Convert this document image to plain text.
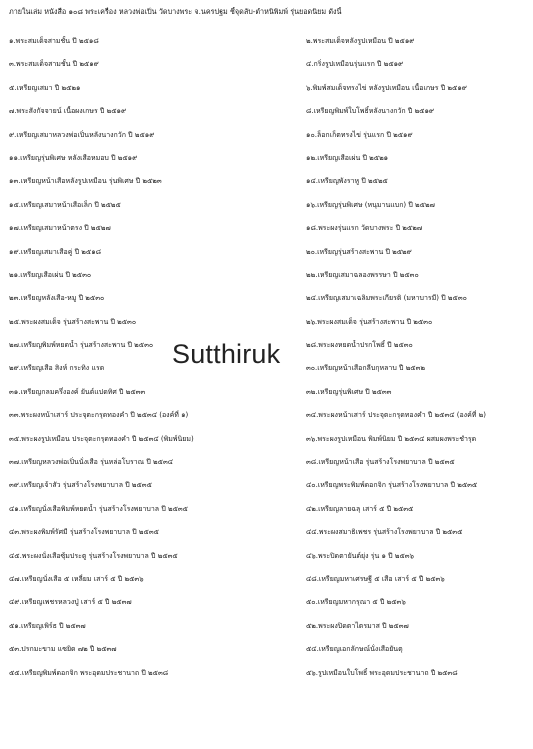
ภายในเล่ม หนังสือ ๑๐๘ พระเครื่อง หลวงพ่อเปิ่น วัดบางพระ จ.นครปฐม ชี้จุดลับ-ตำหนิพิมพ์ รุ่นยอดนิยม ดังนี้
๑.พระสมเด็จสามชั้น ปี ๒๕๑๘	๒.พระสมเด็จหลังรูปเหมือน ปี ๒๕๑๙
๓.พระสมเด็จสามชั้น ปี ๒๕๑๙	๔.กริ่งรูปเหมือนรุ่นแรก ปี ๒๕๑๙
๕.เหรียญเสมา ปี ๒๕๒๑	๖.พิมพ์สมเด็จทรงไข่ หลังรูปเหมือน เนื้อเกษร ปี ๒๕๑๙
๗.พระสังกัจจายน์ เนื้อผงเกษร ปี ๒๕๑๙	๘.เหรียญพิมพ์ใบโพธิ์หลังนางกวัก ปี ๒๕๑๙
๙.เหรียญเสมาหลวงพ่อเปิ่นหลังนางกวัก ปี ๒๕๑๙	๑๐.ล็อกเก็ตทรงไข่ รุ่นแรก ปี ๒๕๑๙
๑๑.เหรียญรุ่นพิเศษ หลังเสือหมอบ ปี ๒๕๑๙	๑๒.เหรียญเสือเผ่น ปี ๒๕๒๑
๑๓.เหรียญหน้าเสือหลังรูปเหมือน รุ่นพิเศษ ปี ๒๕๒๓	๑๔.เหรียญพังราหู ปี ๒๕๒๕
๑๕.เหรียญเสมาหน้าเสือเล็ก ปี ๒๕๒๕	๑๖.เหรียญรุ่นพิเศษ (หนุมานแบก) ปี ๒๕๒๗
๑๗.เหรียญเสมาหน้าตรง ปี ๒๕๒๗	๑๘.พระผงรุ่นแรก วัดบางพระ ปี ๒๕๒๗
๑๙.เหรียญเสมาเสือคู่ ปี ๒๕๑๘	๒๐.เหรียญรุ่นสร้างสะพาน ปี ๒๕๒๙
๒๑.เหรียญเสือเผ่น ปี ๒๕๓๐	๒๒.เหรียญเสมาฉลองพรรษา ปี ๒๕๓๐
๒๓.เหรียญหลังเสือ-หมู ปี ๒๕๓๐	๒๔.เหรียญเสมาเฉลิมพระเกียรติ (มหาบารมี) ปี ๒๕๓๐
๒๕.พระผงสมเด็จ รุ่นสร้างสะพาน ปี ๒๕๓๐	๒๖.พระผงสมเด็จ รุ่นสร้างสะพาน ปี ๒๕๓๐
๒๗.เหรียญพิมพ์หยดน้ำ รุ่นสร้างสะพาน ปี ๒๕๓๐	๒๘.พระผงหยดน้ำปรกโพธิ์ ปี ๒๕๓๐
๒๙.เหรียญเสือ สิงห์ กระทิง แรด	๓๐.เหรียญหน้าเสือกลีบกุหลาบ ปี ๒๕๓๒
๓๑.เหรียญกลมครึ่งองค์ ยันต์แปดทิศ ปี ๒๕๓๓	๓๒.เหรียญรุ่นพิเศษ ปี ๒๕๓๓
๓๓.พระผงหน้าเสาร์ ประจุตะกรุดทองคำ ปี ๒๕๓๔ (องค์ที่ ๑)	๓๔.พระผงหน้าเสาร์ ประจุตะกรุดทองคำ ปี ๒๕๓๔ (องค์ที่ ๒)
๓๕.พระผงรูปเหมือน ประจุตะกรุดทองคำ ปี ๒๕๓๔ (พิมพ์นิยม)	๓๖.พระผงรูปเหมือน พิมพ์นิยม ปี ๒๕๓๔ ผสมผงพระชำรุด
๓๗.เหรียญหลวงพ่อเปิ่นนั่งเสือ รุ่นหล่อโบราณ ปี ๒๕๓๔	๓๘.เหรียญหน้าเสือ รุ่นสร้างโรงพยาบาล ปี ๒๕๓๕
๓๙.เหรียญเจ้าสัว รุ่นสร้างโรงพยาบาล ปี ๒๕๓๕	๔๐.เหรียญพระพิมพ์ดอกจิก รุ่นสร้างโรงพยาบาล ปี ๒๕๓๕
๔๑.เหรียญนั่งเสือพิมพ์หยดน้ำ รุ่นสร้างโรงพยาบาล ปี ๒๕๓๕	๔๒.เหรียญลายฉลุ เสาร์ ๕ ปี ๒๕๓๕
๔๓.พระผงพิมพ์รัศมี รุ่นสร้างโรงพยาบาล ปี ๒๕๓๕	๔๔.พระผงสมาธิเพชร รุ่นสร้างโรงพยาบาล ปี ๒๕๓๕
๔๕.พระผงนั่งเสือซุ้มประตู รุ่นสร้างโรงพยาบาล ปี ๒๕๓๕	๔๖.พระปิดตายันต์ยุ่ง รุ่น ๑ ปี ๒๕๓๖
๔๗.เหรียญนั่งเสือ ๕ เหลี่ยม เสาร์ ๕ ปี ๒๕๓๖	๔๘.เหรียญมหาเศรษฐี ๕ เสือ เสาร์ ๕ ปี ๒๕๓๖
๔๙.เหรียญเพชรหลวงปู่ เสาร์ ๕ ปี ๒๕๓๗	๕๐.เหรียญมหากรุณา ๕ ปี ๒๕๓๖
๕๑.เหรียญเพิร์ธ ปี ๒๕๓๗	๕๒.พระผงปิดตาไตรมาส ปี ๒๕๓๗
๕๓.ปรกมะขาม แซยิด ๗๒ ปี ๒๕๓๗	๕๔.เหรียญเอกลักษณ์นั่งเสือยันตุ
๕๕.เหรียญพิมพ์ดอกจิก พระอุดมประชานาถ ปี ๒๕๓๘	๕๖.รูปเหมือนใบโพธิ์ พระอุดมประชานาถ ปี ๒๕๓๘
Sutthiruk
